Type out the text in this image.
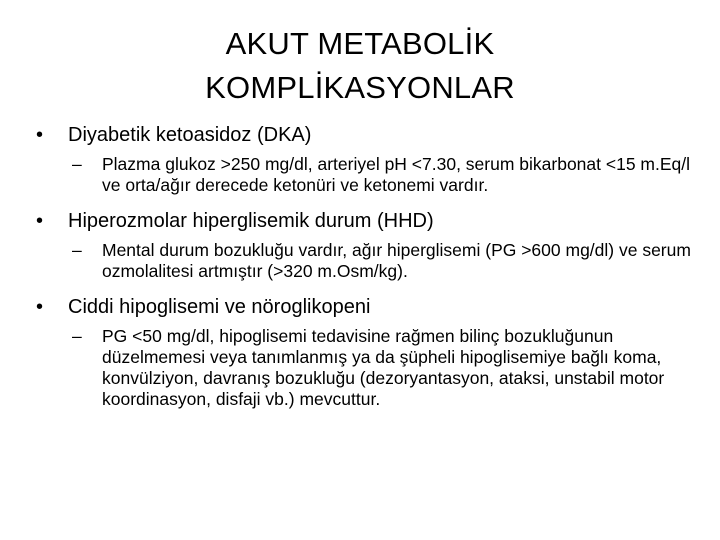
AKUT METABOLİK
KOMPLİKASYONLAR
•	Diyabetik ketoasidoz (DKA)
– Plazma glukoz >250 mg/dl, arteriyel pH <7.30, serum bikarbonat <15 m.Eq/l ve orta/ağır derecede ketonüri ve ketonemi vardır.
•	Hiperozmolar hiperglisemik durum (HHD)
– Mental durum bozukluğu vardır, ağır hiperglisemi (PG >600 mg/dl) ve serum ozmolalitesi artmıştır (>320 m.Osm/kg).
•	Ciddi hipoglisemi ve nöroglikopeni
– PG <50 mg/dl, hipoglisemi tedavisine rağmen bilinç bozukluğunun düzelmemesi veya tanımlanmış ya da şüpheli hipoglisemiye bağlı koma, konvülziyon, davranış bozukluğu (dezoryantasyon, ataksi, unstabil motor koordinasyon, disfaji vb.) mevcuttur.
